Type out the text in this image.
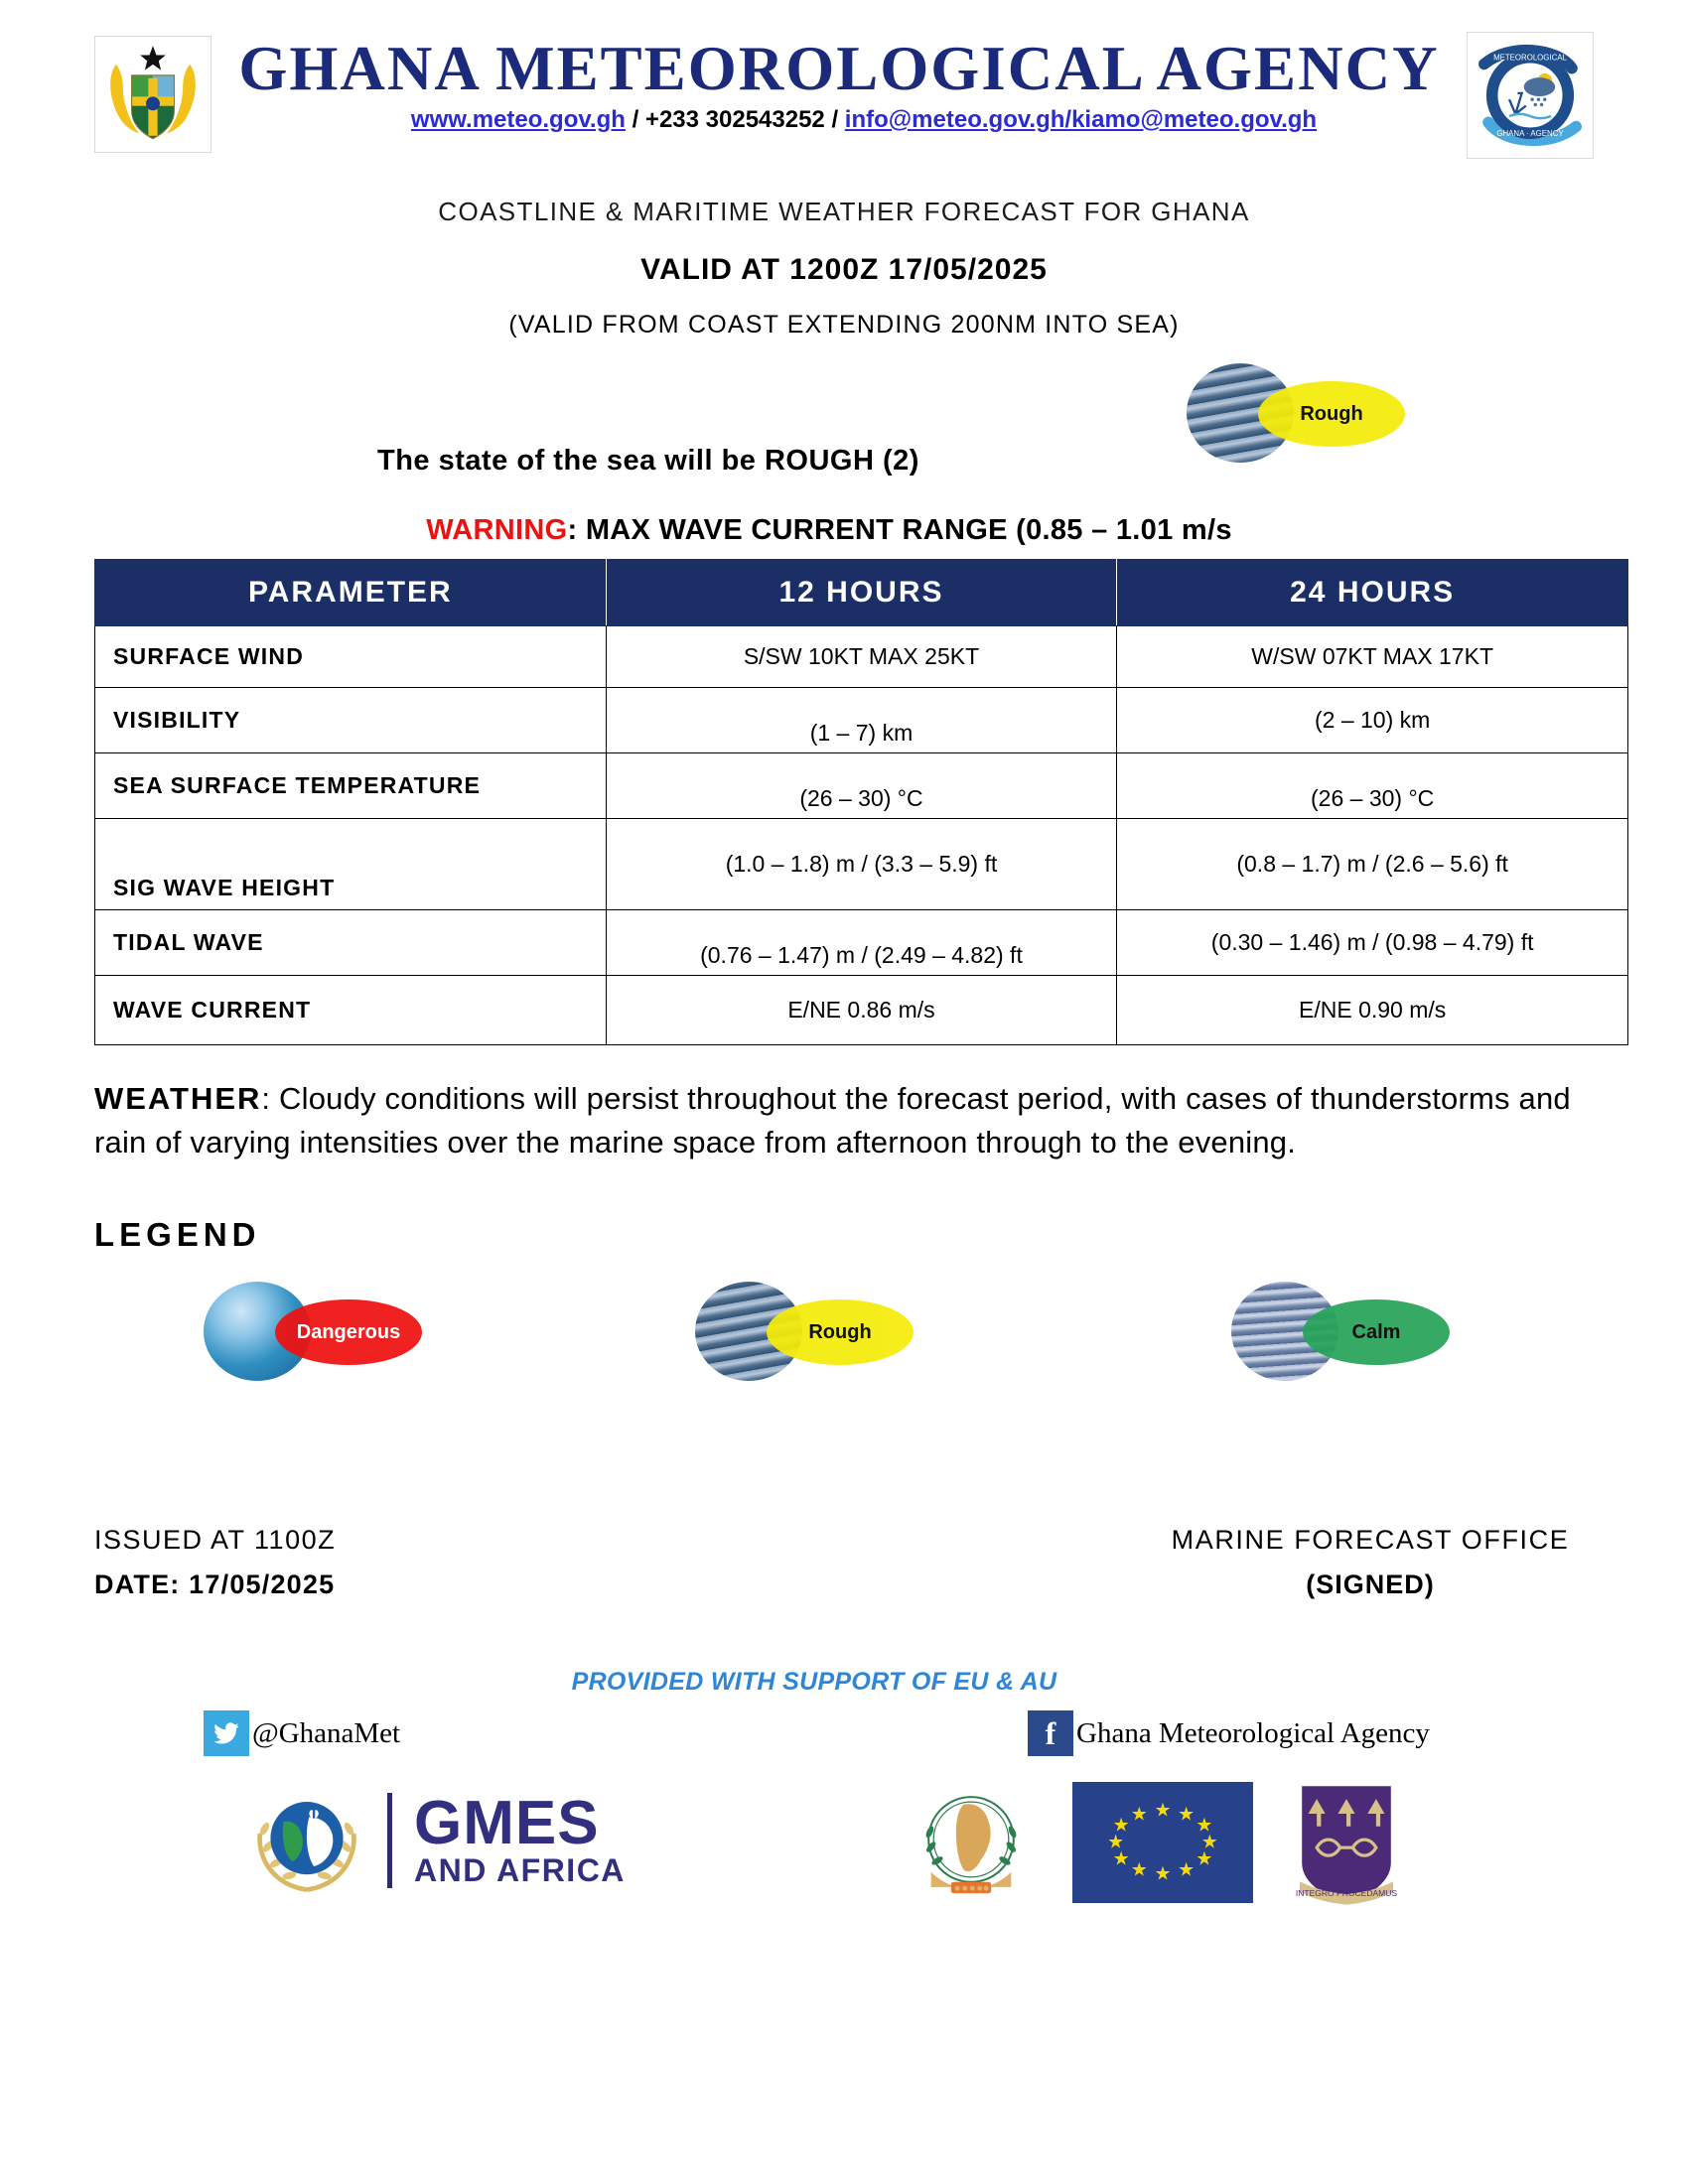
GHANA METEOROLOGICAL AGENCY
www.meteo.gov.gh / +233 302543252 / info@meteo.gov.gh/kiamo@meteo.gov.gh
METEOROLOGICAL
GHANA · AGENCY
COASTLINE & MARITIME WEATHER FORECAST FOR GHANA
VALID AT 1200Z 17/05/2025
(VALID FROM COAST EXTENDING 200NM INTO SEA)
The state of the sea will be ROUGH (2)
Rough
WARNING: MAX WAVE CURRENT RANGE (0.85 – 1.01 m/s
PARAMETER	12 HOURS	24 HOURS
SURFACE WIND	S/SW 10KT MAX 25KT	W/SW 07KT MAX 17KT
VISIBILITY	(1 – 7) km	(2 – 10) km
SEA SURFACE TEMPERATURE	(26 – 30) °C	(26 – 30) °C
SIG WAVE HEIGHT	(1.0 – 1.8) m / (3.3 – 5.9) ft	(0.8 – 1.7) m / (2.6 – 5.6) ft
TIDAL WAVE	(0.76 – 1.47) m / (2.49 – 4.82) ft	(0.30 – 1.46) m / (0.98 – 4.79) ft
WAVE CURRENT	E/NE 0.86 m/s	E/NE 0.90 m/s
WEATHER: Cloudy conditions will persist throughout the forecast period, with cases of thunderstorms and rain of varying intensities over the marine space from afternoon through to the evening.
LEGEND
Dangerous	Rough	Calm
ISSUED AT 1100Z
DATE: 17/05/2025
MARINE FORECAST OFFICE
(SIGNED)
PROVIDED WITH SUPPORT OF EU & AU
@GhanaMet	f Ghana Meteorological Agency
GMES
AND AFRICA
★ ★
★
★
★
★
★
★
★
★
★
★
INTEGRO PROCEDAMUS
